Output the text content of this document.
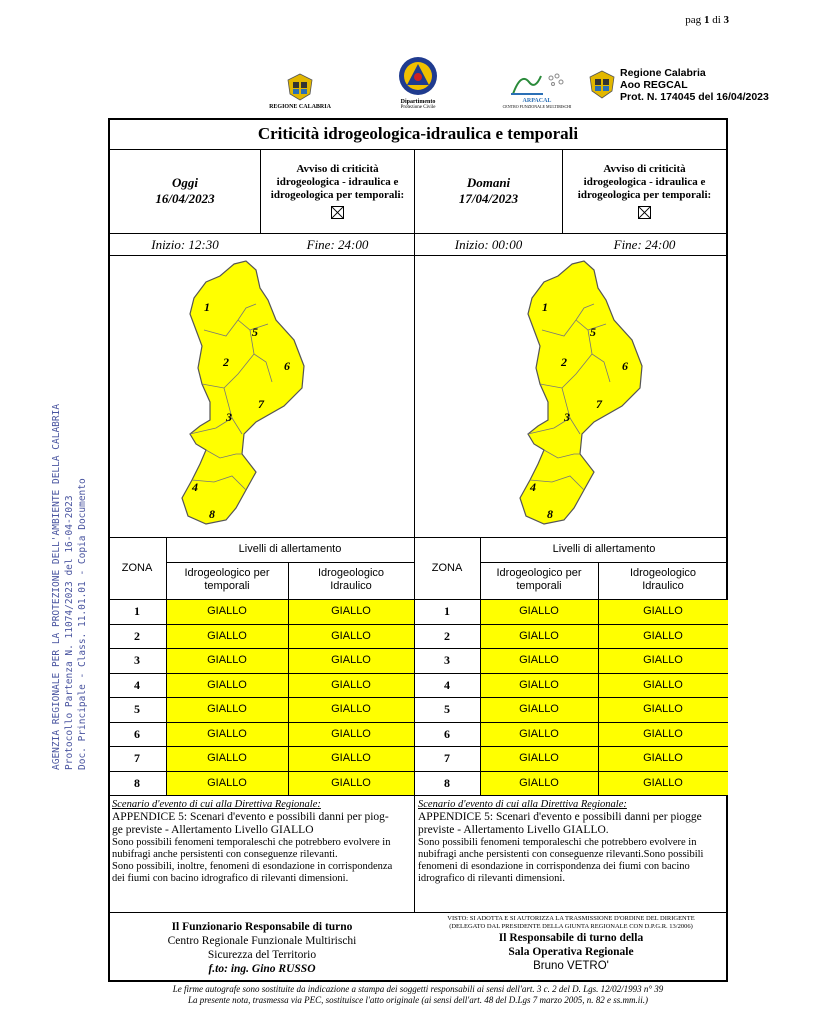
pag 1 di 3
REGIONE CALABRIA
Dipartimento
Protezione Civile
ARPACAL
CENTRO FUNZIONALE MULTIRISCHI
Regione Calabria
Aoo REGCAL
Prot. N. 174045 del 16/04/2023
AGENZIA REGIONALE PER LA PROTEZIONE DELL'AMBIENTE DELLA CALABRIA Protocollo Partenza N. 11074/2023 del 16-04-2023 Doc. Principale - Class. 11.01.01 - Copia Documento
Criticità idrogeologica-idraulica e temporali
Oggi
16/04/2023
Avviso di criticità
idrogeologica - idraulica e
idrogeologica per temporali:
Inizio: 12:30	Fine: 24:00
Domani
17/04/2023
Avviso di criticità
idrogeologica - idraulica e
idrogeologica per temporali:
Inizio: 00:00	Fine: 24:00
1
2
3
4
5
6
7
8
1
2
3
4
5
6
7
8
ZONA
Livelli di allertamento
Idrogeologico per
temporali
Idrogeologico
Idraulico
1	GIALLO	GIALLO
2	GIALLO	GIALLO
3	GIALLO	GIALLO
4	GIALLO	GIALLO
5	GIALLO	GIALLO
6	GIALLO	GIALLO
7	GIALLO	GIALLO
8	GIALLO	GIALLO
ZONA
Livelli di allertamento
Idrogeologico per
temporali
Idrogeologico
Idraulico
1	GIALLO	GIALLO
2	GIALLO	GIALLO
3	GIALLO	GIALLO
4	GIALLO	GIALLO
5	GIALLO	GIALLO
6	GIALLO	GIALLO
7	GIALLO	GIALLO
8	GIALLO	GIALLO
Scenario d'evento di cui alla Direttiva Regionale:
APPENDICE 5: Scenari d'evento e possibili danni per piog-
ge previste - Allertamento Livello GIALLO
Sono possibili fenomeni temporaleschi che potrebbero evolvere in
nubifragi anche persistenti con conseguenze rilevanti.
Sono possibili, inoltre, fenomeni di esondazione in corrispondenza
dei fiumi con bacino idrografico di rilevanti dimensioni.
Scenario d'evento di cui alla Direttiva Regionale:
APPENDICE 5: Scenari d'evento e possibili danni per piogge
previste - Allertamento Livello GIALLO.
Sono possibili fenomeni temporaleschi che potrebbero evolvere in
nubifragi anche persistenti con conseguenze rilevanti.Sono possibili
fenomeni di esondazione in corrispondenza dei fiumi con bacino
idrografico di rilevanti dimensioni.
Il Funzionario Responsabile di turno
Centro Regionale Funzionale Multirischi
Sicurezza del Territorio
f.to: ing. Gino RUSSO
VISTO: SI ADOTTA E SI AUTORIZZA LA TRASMISSIONE D'ORDINE DEL DIRIGENTE
(DELEGATO DAL PRESIDENTE DELLA GIUNTA REGIONALE CON D.P.G.R. 13/2006)
Il Responsabile di turno della
Sala Operativa Regionale
Bruno VETRO'
Le firme autografe sono sostituite da indicazione a stampa dei soggetti responsabili ai sensi dell'art. 3 c. 2 del D. Lgs. 12/02/1993 n° 39
La presente nota, trasmessa via PEC, sostituisce l'atto originale (ai sensi dell'art. 48 del D.Lgs 7 marzo 2005, n. 82 e ss.mm.ii.)
